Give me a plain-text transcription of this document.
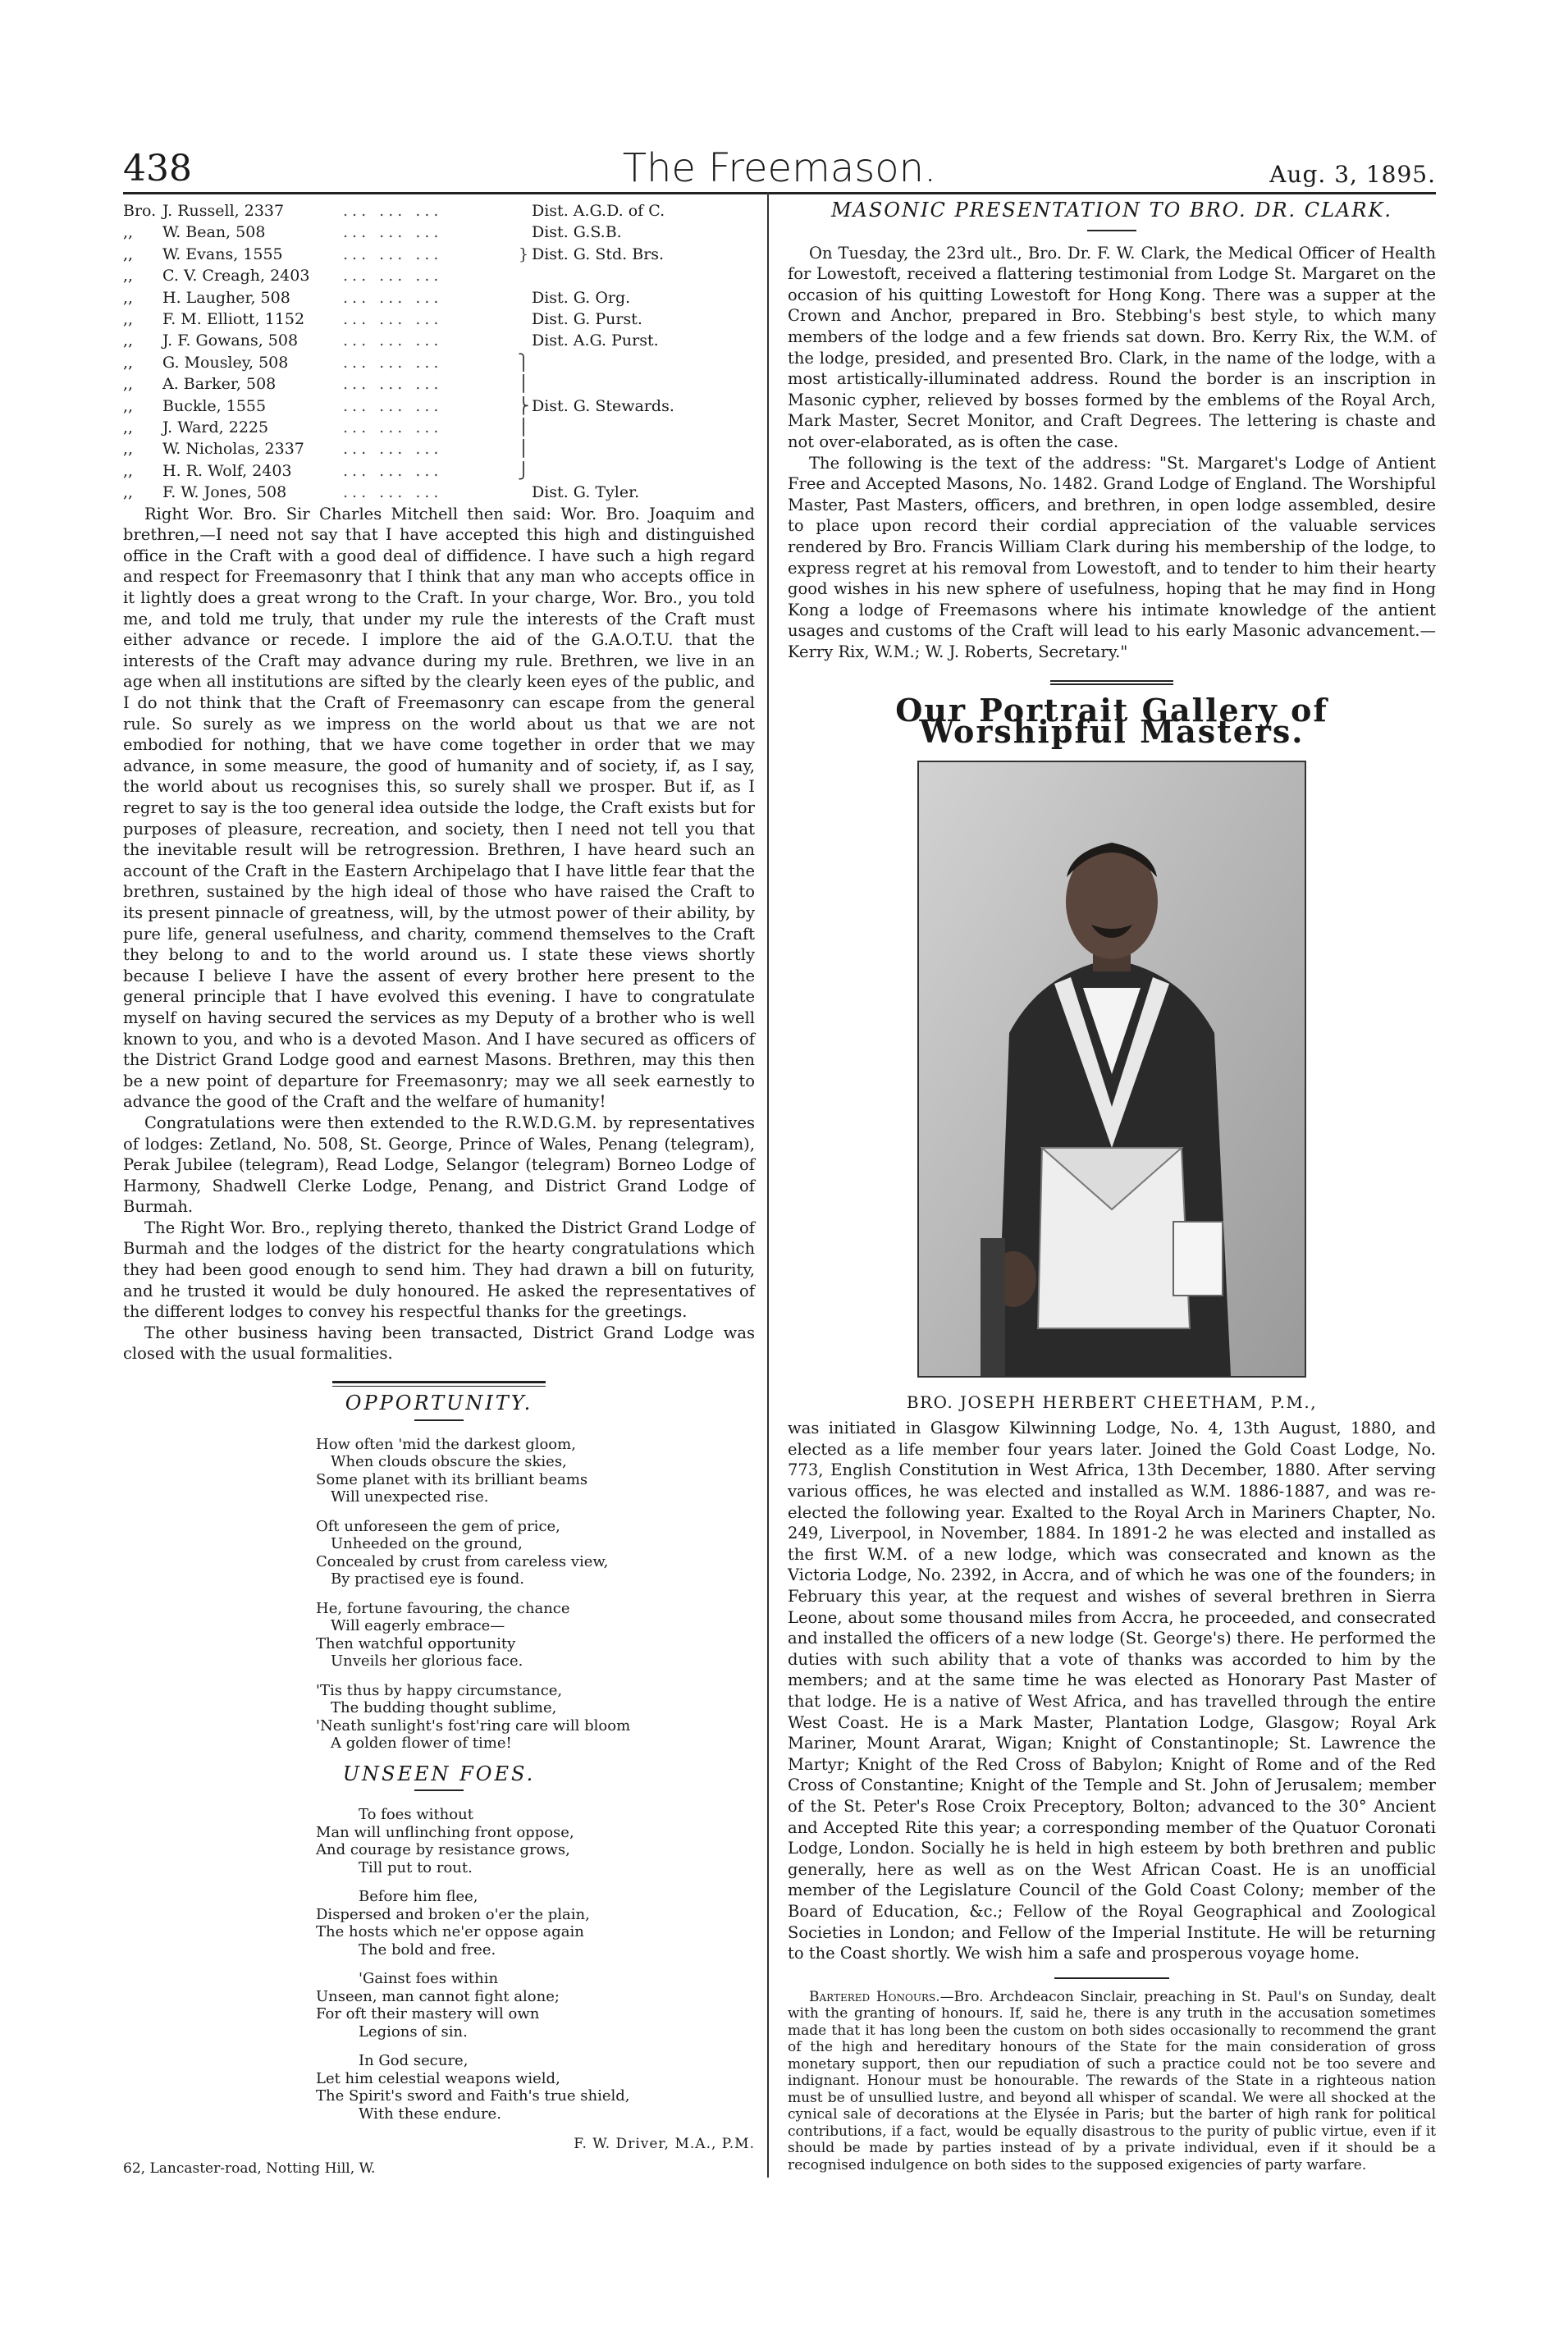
438	The Freemason.	Aug. 3, 1895.
Bro. J. Russell, 2337	... ... ...	Dist. A.G.D. of C.
,,	W. Bean, 508	... ... ...	Dist. G.S.B.
,,	W. Evans, 1555	... ... ...	} Dist. G. Std. Brs.
,,	C. V. Creagh, 2403	... ... ...
,,	H. Laugher, 508	... ... ...	Dist. G. Org.
,,	F. M. Elliott, 1152	... ... ...	Dist. G. Purst.
,,	J. F. Gowans, 508	... ... ...	Dist. A.G. Purst.
,,	G. Mousley, 508	... ... ...	⎫
,,	A. Barker, 508	... ... ...	⎪
,,	Buckle, 1555	... ... ...	⎬ Dist. G. Stewards.
,,	J. Ward, 2225	... ... ...	⎪
,,	W. Nicholas, 2337	... ... ...	⎪
,,	H. R. Wolf, 2403	... ... ...	⎭
,,	F. W. Jones, 508	... ... ...	Dist. G. Tyler.

Right Wor. Bro. Sir Charles Mitchell then said: Wor. Bro. Joaquim and brethren,—I need not say that I have accepted this high and distinguished office in the Craft with a good deal of diffidence. I have such a high regard and respect for Freemasonry that I think that any man who accepts office in it lightly does a great wrong to the Craft. In your charge, Wor. Bro., you told me, and told me truly, that under my rule the interests of the Craft must either advance or recede. I implore the aid of the G.A.O.T.U. that the interests of the Craft may advance during my rule. Brethren, we live in an age when all institutions are sifted by the clearly keen eyes of the public, and I do not think that the Craft of Freemasonry can escape from the general rule. So surely as we impress on the world about us that we are not embodied for nothing, that we have come together in order that we may advance, in some measure, the good of humanity and of society, if, as I say, the world about us recognises this, so surely shall we prosper. But if, as I regret to say is the too general idea outside the lodge, the Craft exists but for purposes of pleasure, recreation, and society, then I need not tell you that the inevitable result will be retrogression. Brethren, I have heard such an account of the Craft in the Eastern Archipelago that I have little fear that the brethren, sustained by the high ideal of those who have raised the Craft to its present pinnacle of greatness, will, by the utmost power of their ability, by pure life, general usefulness, and charity, commend themselves to the Craft they belong to and to the world around us. I state these views shortly because I believe I have the assent of every brother here present to the general principle that I have evolved this evening. I have to congratulate myself on having secured the services as my Deputy of a brother who is well known to you, and who is a devoted Mason. And I have secured as officers of the District Grand Lodge good and earnest Masons. Brethren, may this then be a new point of departure for Freemasonry; may we all seek earnestly to advance the good of the Craft and the welfare of humanity!

Congratulations were then extended to the R.W.D.G.M. by representatives of lodges: Zetland, No. 508, St. George, Prince of Wales, Penang (telegram), Perak Jubilee (telegram), Read Lodge, Selangor (telegram) Borneo Lodge of Harmony, Shadwell Clerke Lodge, Penang, and District Grand Lodge of Burmah.

The Right Wor. Bro., replying thereto, thanked the District Grand Lodge of Burmah and the lodges of the district for the hearty congratulations which they had been good enough to send him. They had drawn a bill on futurity, and he trusted it would be duly honoured. He asked the representatives of the different lodges to convey his respectful thanks for the greetings.

The other business having been transacted, District Grand Lodge was closed with the usual formalities.

OPPORTUNITY.
How often 'mid the darkest gloom,
When clouds obscure the skies,
Some planet with its brilliant beams
Will unexpected rise.
Oft unforeseen the gem of price,
Unheeded on the ground,
Concealed by crust from careless view,
By practised eye is found.
He, fortune favouring, the chance
Will eagerly embrace—
Then watchful opportunity
Unveils her glorious face.
'Tis thus by happy circumstance,
The budding thought sublime,
'Neath sunlight's fost'ring care will bloom
A golden flower of time!
UNSEEN FOES.
To foes without
Man will unflinching front oppose,
And courage by resistance grows,
Till put to rout.
Before him flee,
Dispersed and broken o'er the plain,
The hosts which ne'er oppose again
The bold and free.
'Gainst foes within
Unseen, man cannot fight alone;
For oft their mastery will own
Legions of sin.
In God secure,
Let him celestial weapons wield,
The Spirit's sword and Faith's true shield,
With these endure.
F. W. Driver, M.A., P.M.
62, Lancaster-road, Notting Hill, W.
MASONIC PRESENTATION TO BRO. DR. CLARK.

On Tuesday, the 23rd ult., Bro. Dr. F. W. Clark, the Medical Officer of Health for Lowestoft, received a flattering testimonial from Lodge St. Margaret on the occasion of his quitting Lowestoft for Hong Kong. There was a supper at the Crown and Anchor, prepared in Bro. Stebbing's best style, to which many members of the lodge and a few friends sat down. Bro. Kerry Rix, the W.M. of the lodge, presided, and presented Bro. Clark, in the name of the lodge, with a most artistically-illuminated address. Round the border is an inscription in Masonic cypher, relieved by bosses formed by the emblems of the Royal Arch, Mark Master, Secret Monitor, and Craft Degrees. The lettering is chaste and not over-elaborated, as is often the case.

The following is the text of the address: "St. Margaret's Lodge of Antient Free and Accepted Masons, No. 1482. Grand Lodge of England. The Worshipful Master, Past Masters, officers, and brethren, in open lodge assembled, desire to place upon record their cordial appreciation of the valuable services rendered by Bro. Francis William Clark during his membership of the lodge, to express regret at his removal from Lowestoft, and to tender to him their hearty good wishes in his new sphere of usefulness, hoping that he may find in Hong Kong a lodge of Freemasons where his intimate knowledge of the antient usages and customs of the Craft will lead to his early Masonic advancement.—Kerry Rix, W.M.; W. J. Roberts, Secretary."

Our Portrait Gallery of Worshipful Masters.
BRO. JOSEPH HERBERT CHEETHAM, P.M.,

was initiated in Glasgow Kilwinning Lodge, No. 4, 13th August, 1880, and elected as a life member four years later. Joined the Gold Coast Lodge, No. 773, English Constitution in West Africa, 13th December, 1880. After serving various offices, he was elected and installed as W.M. 1886-1887, and was re-elected the following year. Exalted to the Royal Arch in Mariners Chapter, No. 249, Liverpool, in November, 1884. In 1891-2 he was elected and installed as the first W.M. of a new lodge, which was consecrated and known as the Victoria Lodge, No. 2392, in Accra, and of which he was one of the founders; in February this year, at the request and wishes of several brethren in Sierra Leone, about some thousand miles from Accra, he proceeded, and consecrated and installed the officers of a new lodge (St. George's) there. He performed the duties with such ability that a vote of thanks was accorded to him by the members; and at the same time he was elected as Honorary Past Master of that lodge. He is a native of West Africa, and has travelled through the entire West Coast. He is a Mark Master, Plantation Lodge, Glasgow; Royal Ark Mariner, Mount Ararat, Wigan; Knight of Constantinople; St. Lawrence the Martyr; Knight of the Red Cross of Babylon; Knight of Rome and of the Red Cross of Constantine; Knight of the Temple and St. John of Jerusalem; member of the St. Peter's Rose Croix Preceptory, Bolton; advanced to the 30° Ancient and Accepted Rite this year; a corresponding member of the Quatuor Coronati Lodge, London. Socially he is held in high esteem by both brethren and public generally, here as well as on the West African Coast. He is an unofficial member of the Legislature Council of the Gold Coast Colony; member of the Board of Education, &c.; Fellow of the Royal Geographical and Zoological Societies in London; and Fellow of the Imperial Institute. He will be returning to the Coast shortly. We wish him a safe and prosperous voyage home.

Bartered Honours.—Bro. Archdeacon Sinclair, preaching in St. Paul's on Sunday, dealt with the granting of honours. If, said he, there is any truth in the accusation sometimes made that it has long been the custom on both sides occasionally to recommend the grant of the high and hereditary honours of the State for the main consideration of gross monetary support, then our repudiation of such a practice could not be too severe and indignant. Honour must be honourable. The rewards of the State in a righteous nation must be of unsullied lustre, and beyond all whisper of scandal. We were all shocked at the cynical sale of decorations at the Elysée in Paris; but the barter of high rank for political contributions, if a fact, would be equally disastrous to the purity of public virtue, even if it should be made by parties instead of by a private individual, even if it should be a recognised indulgence on both sides to the supposed exigencies of party warfare.
